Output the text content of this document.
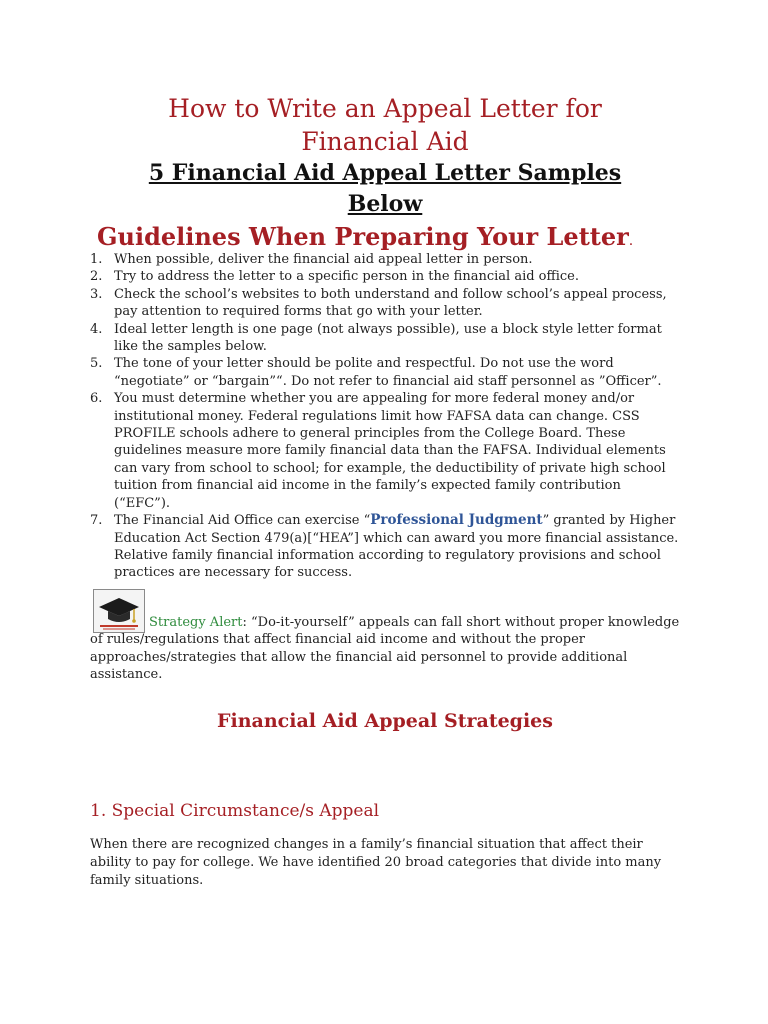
How to Write an Appeal Letter for
Financial Aid
5 Financial Aid Appeal Letter Samples
Below
Guidelines When Preparing Your Letter.
1. When possible, deliver the financial aid appeal letter in person.
2. Try to address the letter to a specific person in the financial aid office.
3. Check the school’s websites to both understand and follow school’s appeal process, pay attention to required forms that go with your letter.
4. Ideal letter length is one page (not always possible), use a block style letter format like the samples below.
5. The tone of your letter should be polite and respectful. Do not use the word “negotiate” or “bargain”“. Do not refer to financial aid staff personnel as ”Officer”.
6. You must determine whether you are appealing for more federal money and/or institutional money. Federal regulations limit how FAFSA data can change. CSS PROFILE schools adhere to general principles from the College Board. These guidelines measure more family financial data than the FAFSA. Individual elements can vary from school to school; for example, the deductibility of private high school tuition from financial aid income in the family’s expected family contribution (“EFC”).
7. The Financial Aid Office can exercise “Professional Judgment” granted by Higher Education Act Section 479(a)[“HEA”] which can award you more financial assistance. Relative family financial information according to regulatory provisions and school practices are necessary for success.

Strategy Alert: “Do-it-yourself” appeals can fall short without proper knowledge of rules/regulations that affect financial aid income and without the proper approaches/strategies that allow the financial aid personnel to provide additional assistance.

Financial Aid Appeal Strategies
1. Special Circumstance/s Appeal

When there are recognized changes in a family’s financial situation that affect their ability to pay for college. We have identified 20 broad categories that divide into many family situations.
